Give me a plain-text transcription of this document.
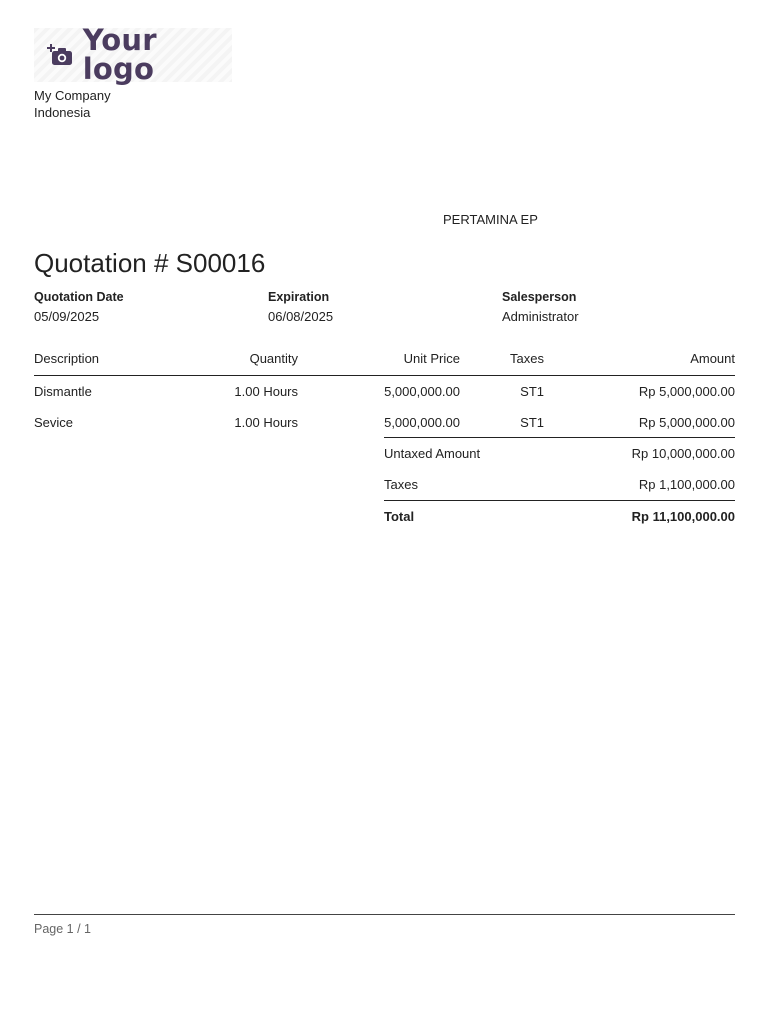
Your logo
My Company
Indonesia
PERTAMINA EP
Quotation # S00016
Quotation Date
05/09/2025
Expiration
06/08/2025
Salesperson
Administrator
Description	Quantity	Unit Price	Taxes	Amount
Dismantle	1.00 Hours	5,000,000.00	ST1	Rp 5,000,000.00
Sevice	1.00 Hours	5,000,000.00	ST1	Rp 5,000,000.00
Untaxed Amount	Rp 10,000,000.00
Taxes	Rp 1,100,000.00
Total	Rp 11,100,000.00
Page 1 / 1
